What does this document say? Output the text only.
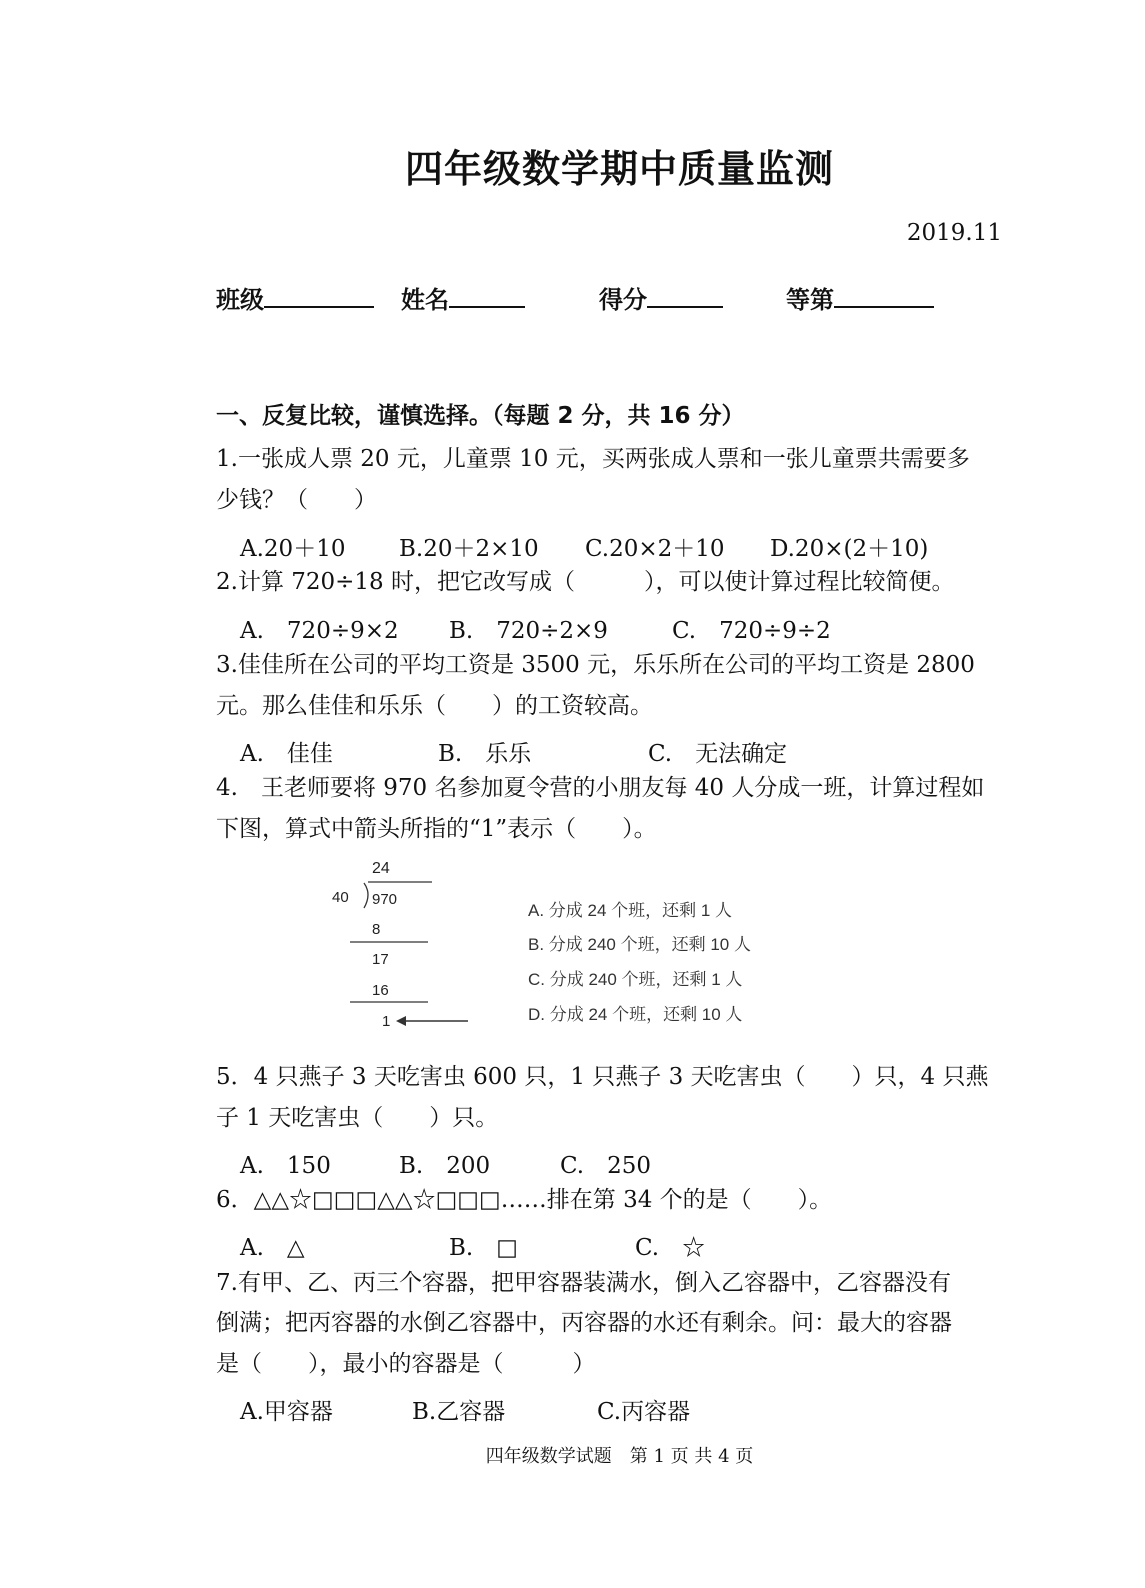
四年级数学期中质量监测
2019.11
班级	姓名	得分	等第
一、反复比较，谨慎选择。（每题 2 分，共 16 分）
1.一张成人票 20 元，儿童票 10 元，买两张成人票和一张儿童票共需要多
少钱？（　　）
A.20＋10 B.20＋2×10 C.20×2＋10 D.20×(2＋10)
2.计算 720÷18 时，把它改写成（　　　），可以使计算过程比较简便。
A.　720÷9×2 B.　720÷2×9	C.　720÷9÷2
3.佳佳所在公司的平均工资是 3500 元，乐乐所在公司的平均工资是 2800
元。那么佳佳和乐乐（　　）的工资较高。
A.　佳佳	B.　乐乐	C.　无法确定
4.　王老师要将 970 名参加夏令营的小朋友每 40 人分成一班，计算过程如
下图，算式中箭头所指的“1”表示（　　）。
24
40 970
8
17
16
1
A. 分成 24 个班，还剩 1 人
B. 分成 240 个班，还剩 10 人
C. 分成 240 个班，还剩 1 人
D. 分成 24 个班，还剩 10 人
5．4 只燕子 3 天吃害虫 600 只，1 只燕子 3 天吃害虫（　　）只，4 只燕
子 1 天吃害虫（　　）只。
A.　150	B.　200	C.　250
6．△△☆□□□△△☆□□□……排在第 34 个的是（　　）。
A.　△	B.　□	C.　☆
7.有甲、乙、丙三个容器，把甲容器装满水，倒入乙容器中，乙容器没有
倒满；把丙容器的水倒乙容器中，丙容器的水还有剩余。问：最大的容器
是（　　），最小的容器是（　　　）
A.甲容器	B.乙容器	C.丙容器
四年级数学试题　第 1 页 共 4 页
